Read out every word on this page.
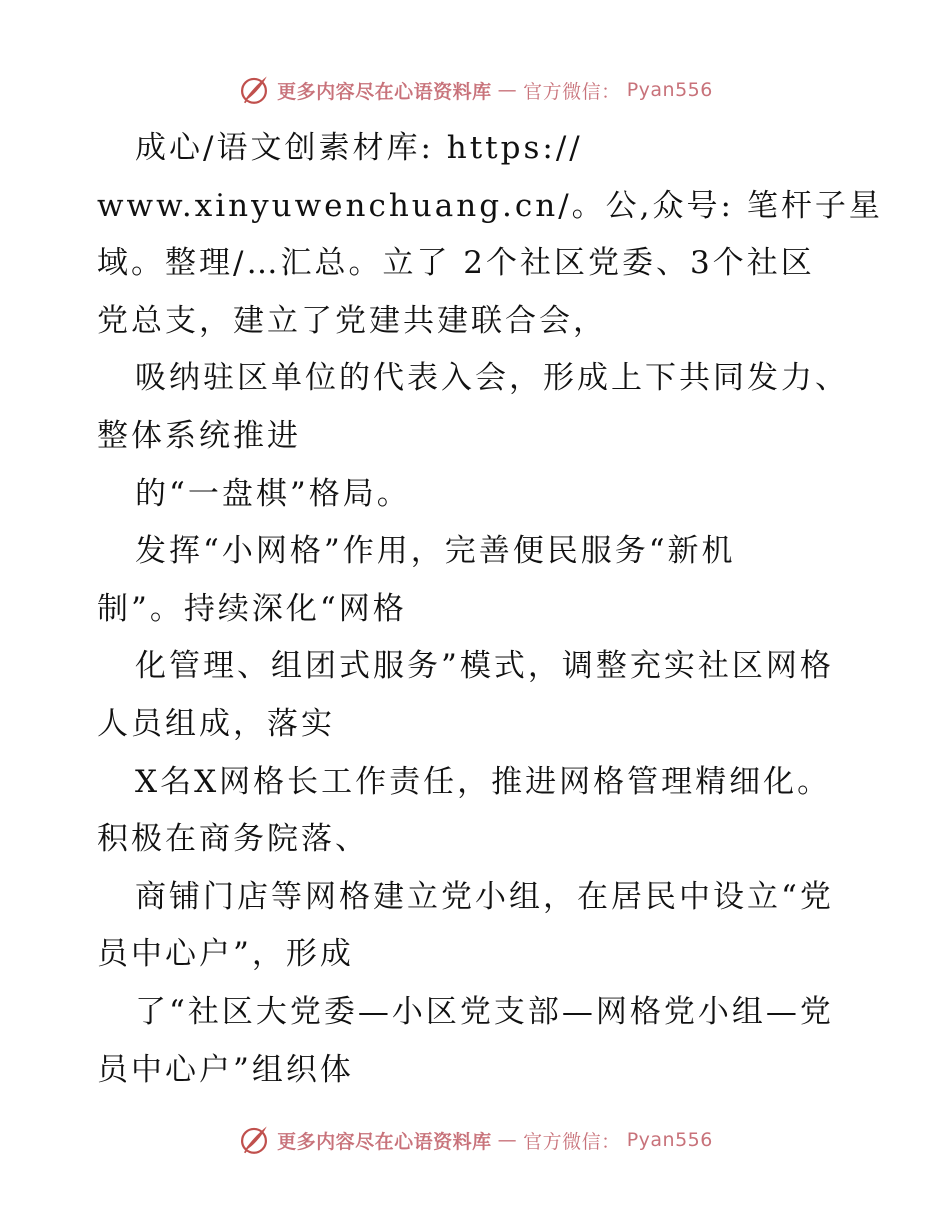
更多内容尽在心语资料库 — 官方微信： Pyan556
成心/语文创素材库: https://
www.xinyuwenchuang.cn/。公,众号: 笔杆子星
域。整理/…汇总。立了 2个社区党委、3个社区
党总支，建立了党建共建联合会，
吸纳驻区单位的代表入会，形成上下共同发力、
整体系统推进
的“一盘棋”格局。
发挥“小网格”作用，完善便民服务“新机
制”。持续深化“网格
化管理、组团式服务”模式，调整充实社区网格
人员组成，落实
X名X网格长工作责任，推进网格管理精细化。
积极在商务院落、
商铺门店等网格建立党小组，在居民中设立“党
员中心户”，形成
了“社区大党委—小区党支部—网格党小组—党
员中心户”组织体
更多内容尽在心语资料库 — 官方微信： Pyan556
